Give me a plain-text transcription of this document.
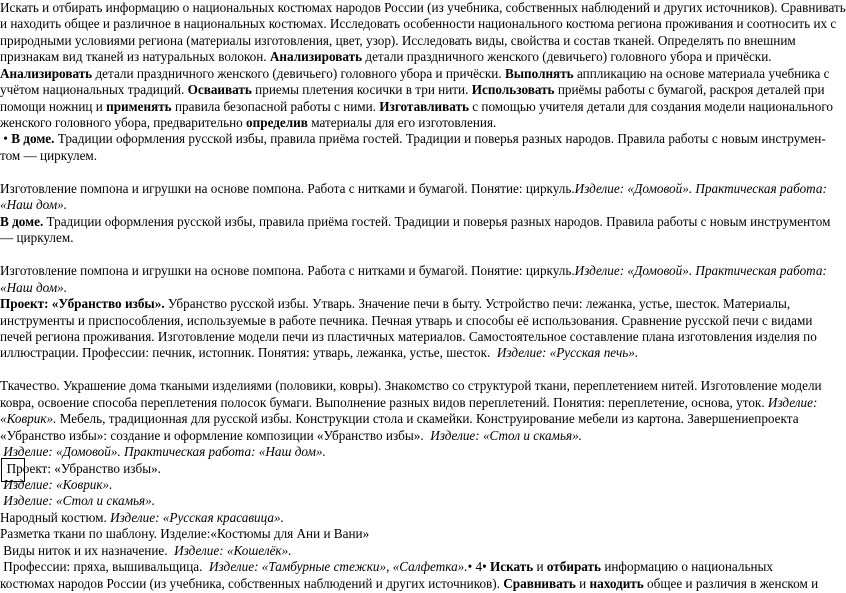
Искать и отбирать информацию о национальных костюмах народов России (из учебника, собственных наблюдений и других источников). Сравнивать
и находить общее и различное в национальных костюмах. Исследовать особенности национального костюма региона проживания и соотносить их с
природными условиями региона (материалы изготовления, цвет, узор). Исследовать виды, свойства и состав тканей. Определять по внешним
признакам вид тканей из натуральных волокон. Анализировать детали праздничного женского (девичьего) головного убора и причёски.
Анализировать детали праздничного женского (девичьего) головного убора и причёски. Выполнять аппликацию на основе материала учебника с
учётом национальных традиций. Осваивать приемы плетения косички в три нити. Использовать приёмы работы с бумагой, раскроя деталей при
помощи ножниц и применять правила безопасной работы с ними. Изготавливать с помощью учителя детали для создания модели национального
женского головного убора, предварительно определив материалы для его изготовления.
• В доме. Традиции оформления русской избы, правила приёма гостей. Традиции и поверья разных народов. Правила работы с новым инструмен-
том — циркулем.
Изготовление помпона и игрушки на основе помпона. Работа с нитками и бумагой. Понятие: циркуль.Изделие: «Домовой». Практическая работа:
«Наш дом».
В доме. Традиции оформления русской избы, правила приёма гостей. Традиции и поверья разных народов. Правила работы с новым инструментом
— циркулем.
Изготовление помпона и игрушки на основе помпона. Работа с нитками и бумагой. Понятие: циркуль.Изделие: «Домовой». Практическая работа:
«Наш дом».
Проект: «Убранство избы». Убранство русской избы. Утварь. Значение печи в быту. Устройство печи: лежанка, устье, шесток. Материалы,
инструменты и приспособления, используемые в работе печника. Печная утварь и способы её использования. Сравнение русской печи с видами
печей региона проживания. Изготовление модели печи из пластичных материалов. Самостоятельное составление плана изготовления изделия по
иллюстрации. Профессии: печник, истопник. Понятия: утварь, лежанка, устье, шесток.  Изделие: «Русская печь».
Ткачество. Украшение дома ткаными изделиями (половики, ковры). Знакомство со структурой ткани, переплетением нитей. Изготовление модели
ковра, освоение способа переплетения полосок бумаги. Выполнение разных видов переплетений. Понятия: переплетение, основа, уток. Изделие:
«Коврик». Мебель, традиционная для русской избы. Конструкции стола и скамейки. Конструирование мебели из картона. Завершениепроекта
«Убранство избы»: создание и оформление композиции «Убранство избы».  Изделие: «Стол и скамья».
Изделие: «Домовой». Практическая работа: «Наш дом».
Проект: «Убранство избы».
Изделие: «Коврик».
Изделие: «Стол и скамья».
Народный костюм. Изделие: «Русская красавица».
Разметка ткани по шаблону. Изделие:«Костюмы для Ани и Вани»
Виды ниток и их назначение.  Изделие: «Кошелёк».
Профессии: пряха, вышивальщица.  Изделие: «Тамбурные стежки», «Салфетка».• 4• Искать и отбирать информацию о национальных
костюмах народов России (из учебника, собственных наблюдений и других источников). Сравнивать и находить общее и различия в женском и
